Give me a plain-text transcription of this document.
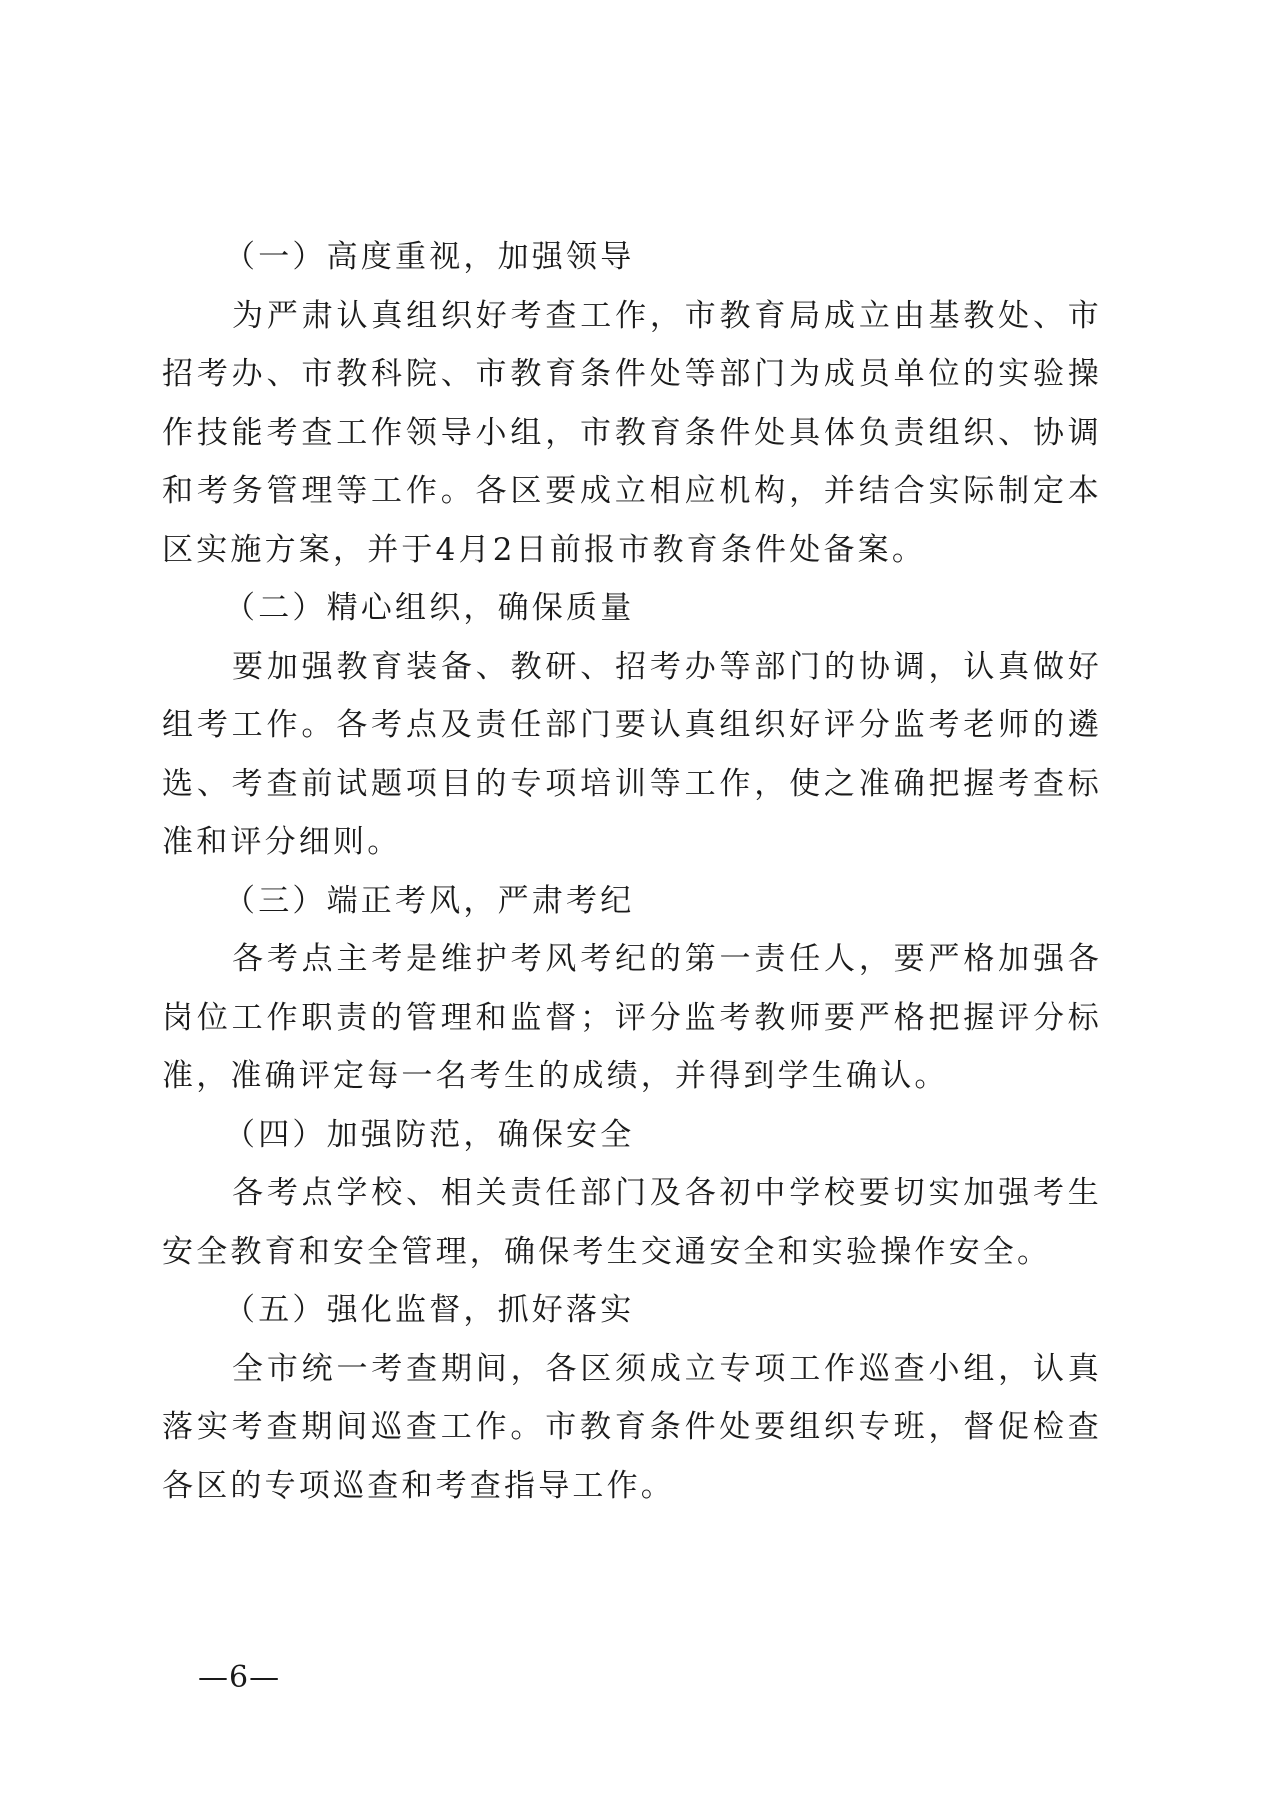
（一）高度重视，加强领导

为严肃认真组织好考查工作，市教育局成立由基教处、市招考办、市教科院、市教育条件处等部门为成员单位的实验操作技能考查工作领导小组，市教育条件处具体负责组织、协调和考务管理等工作。各区要成立相应机构，并结合实际制定本区实施方案，并于4月2日前报市教育条件处备案。

（二）精心组织，确保质量

要加强教育装备、教研、招考办等部门的协调，认真做好组考工作。各考点及责任部门要认真组织好评分监考老师的遴选、考查前试题项目的专项培训等工作，使之准确把握考查标准和评分细则。

（三）端正考风，严肃考纪

各考点主考是维护考风考纪的第一责任人，要严格加强各岗位工作职责的管理和监督；评分监考教师要严格把握评分标准，准确评定每一名考生的成绩，并得到学生确认。

（四）加强防范，确保安全

各考点学校、相关责任部门及各初中学校要切实加强考生安全教育和安全管理，确保考生交通安全和实验操作安全。

（五）强化监督，抓好落实

全市统一考查期间，各区须成立专项工作巡查小组，认真落实考查期间巡查工作。市教育条件处要组织专班，督促检查各区的专项巡查和考查指导工作。

—6—
